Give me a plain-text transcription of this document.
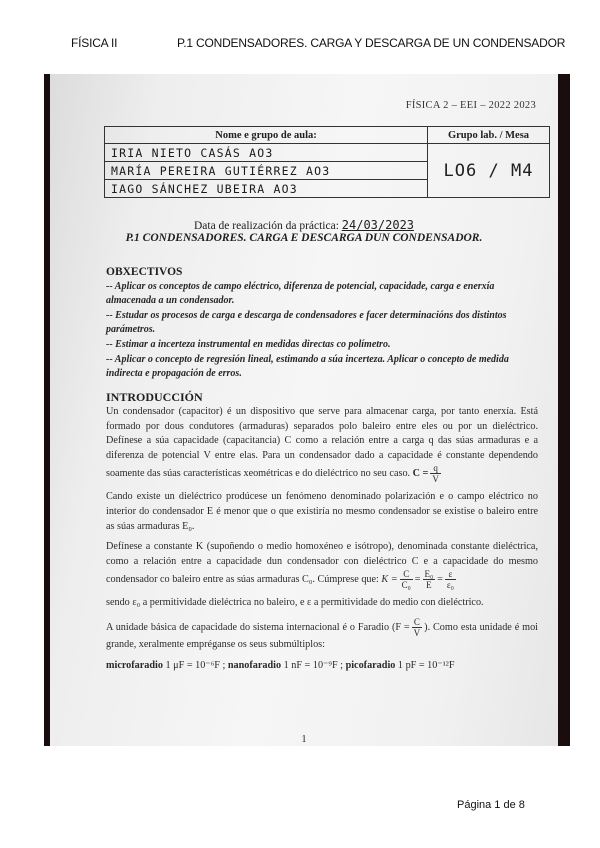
FÍSICA II	P.1 CONDENSADORES. CARGA Y DESCARGA DE UN CONDENSADOR
FÍSICA 2 – EEI – 2022 2023
Nome e grupo de aula:	Grupo lab. / Mesa
IRIA NIETO CASÁS AO3	LO6 / M4
MARÍA PEREIRA GUTIÉRREZ AO3	
IAGO SÁNCHEZ UBEIRA AO3	
Data de realización da práctica: 24/03/2023
P.1 CONDENSADORES. CARGA E DESCARGA DUN CONDENSADOR.
OBXECTIVOS
-- Aplicar os conceptos de campo eléctrico, diferenza de potencial, capacidade, carga e enerxía almacenada a un condensador.
-- Estudar os procesos de carga e descarga de condensadores e facer determinacións dos distintos parámetros.
-- Estimar a incerteza instrumental en medidas directas co polímetro.
-- Aplicar o concepto de regresión lineal, estimando a súa incerteza. Aplicar o concepto de medida indirecta e propagación de erros.
INTRODUCCIÓN

Un condensador (capacitor) é un dispositivo que serve para almacenar carga, por tanto enerxía. Está formado por dous condutores (armaduras) separados polo baleiro entre eles ou por un dieléctrico. Defínese a súa capacidade (capacitancia) C como a relación entre a carga q das súas armaduras e a diferenza de potencial V entre elas. Para un condensador dado a capacidade é constante dependendo soamente das súas características xeométricas e do dieléctrico no seu caso. $C = \frac{q}{V}$

Cando existe un dieléctrico prodúcese un fenómeno denominado polarización e o campo eléctrico no interior do condensador E é menor que o que existiría no mesmo condensador se existise o baleiro entre as súas armaduras E₀.

Defínese a constante K (supoñendo o medio homoxéneo e isótropo), denominada constante dieléctrica, como a relación entre a capacidade dun condensador con dieléctrico C e a capacidade do mesmo condensador co baleiro entre as súas armaduras C₀. Cúmprese que: $K = \frac{C}{\text{C₀}} = \frac{\text{E₀}}{E} = \frac{\varepsilon}{\text{ε₀}}$

sendo ε₀ a permitividade dieléctrica no baleiro, e ε a permitividade do medio con dieléctrico.

A unidade básica de capacidade do sistema internacional é o Faradio ($F = \frac{C}{V}$ ). Como esta unidade é moi grande, xeralmente empréganse os seus submúltiplos:

microfaradio 1 μF = 10⁻⁶F ; nanofaradio 1 nF = 10⁻⁹F ; picofaradio 1 pF = 10⁻¹²F

1
Página 1 de 8
